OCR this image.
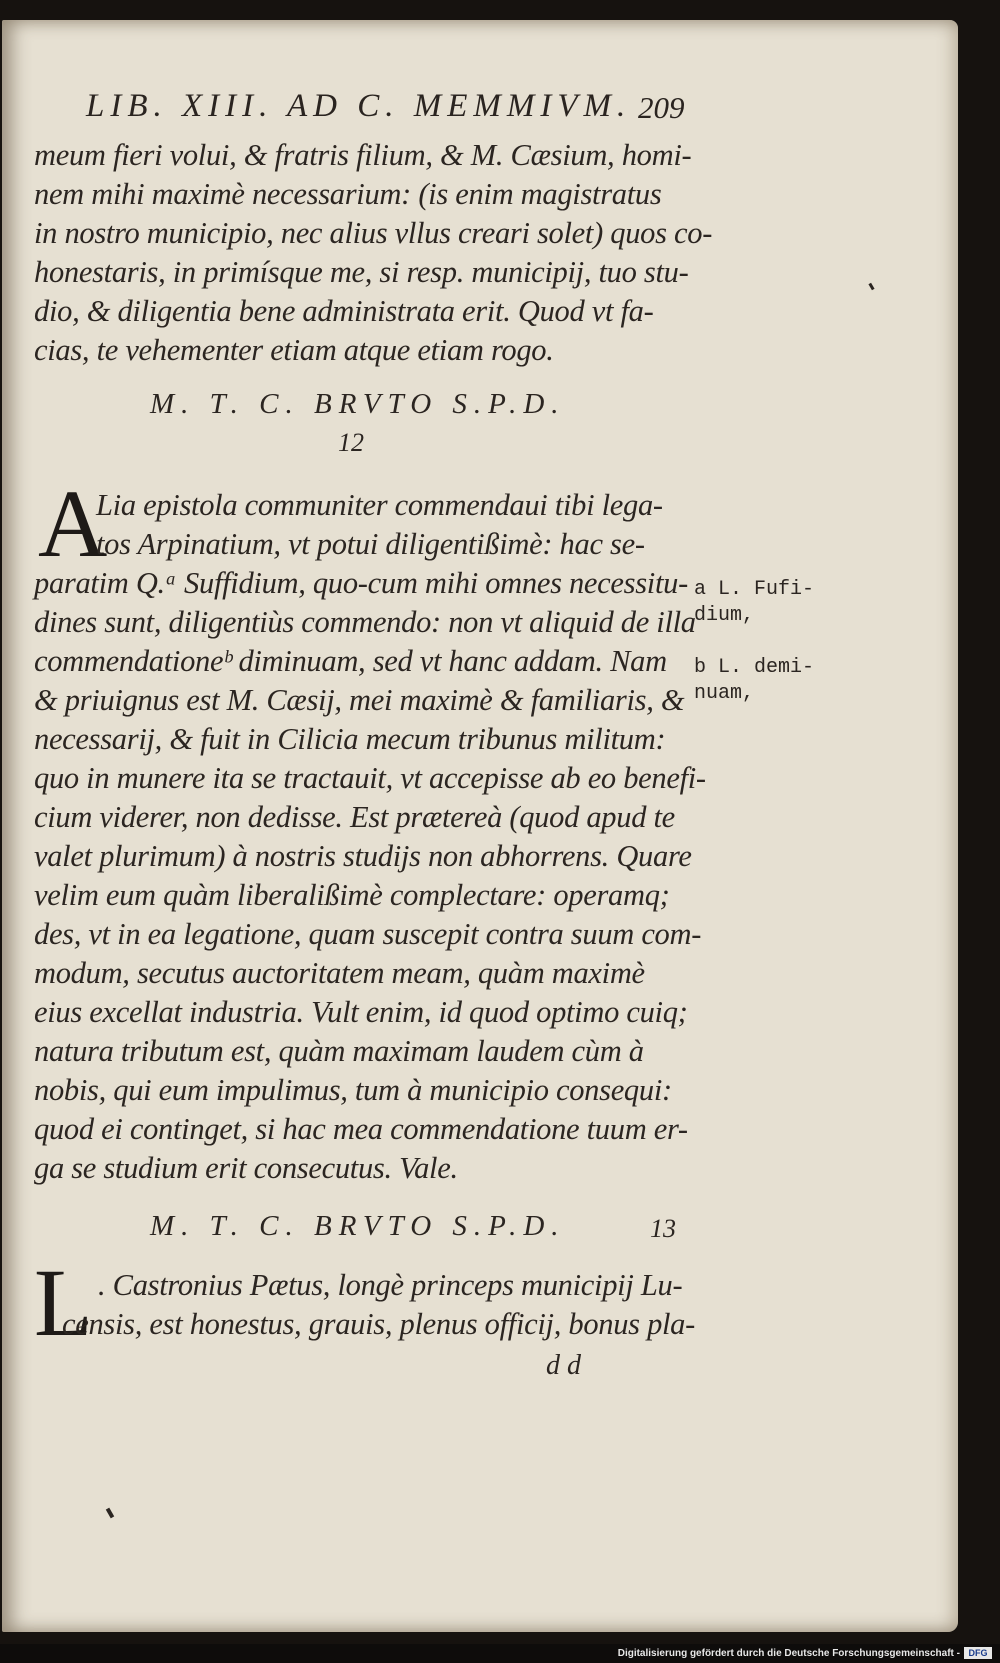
LIB. XIII. AD C. MEMMIVM. 209
meum fieri volui, & fratris filium, & M. Cæsium, homi-
nem mihi maximè necessarium: (is enim magistratus
in nostro municipio, nec alius vllus creari solet) quos co-
honestaris, in primísque me, si resp. municipij, tuo stu-
dio, & diligentia bene administrata erit. Quod vt fa-
cias, te vehementer etiam atque etiam rogo.
M. T. C. BRVTO S.P.D.
12
A
Lia epistola communiter commendaui tibi lega-
tos Arpinatium, vt potui diligentißimè: hac se-
paratim Q.ᵃ Suffidium, quo-cum mihi omnes necessitu-
dines sunt, diligentiùs commendo: non vt aliquid de illa
commendationeᵇ diminuam, sed vt hanc addam. Nam
& priuignus est M. Cæsij, mei maximè & familiaris, &
necessarij, & fuit in Cilicia mecum tribunus militum:
quo in munere ita se tractauit, vt accepisse ab eo benefi-
cium viderer, non dedisse. Est prætereà (quod apud te
valet plurimum) à nostris studijs non abhorrens. Quare
velim eum quàm liberalißimè complectare: operamq;
des, vt in ea legatione, quam suscepit contra suum com-
modum, secutus auctoritatem meam, quàm maximè
eius excellat industria. Vult enim, id quod optimo cuiq;
natura tributum est, quàm maximam laudem cùm à
nobis, qui eum impulimus, tum à municipio consequi:
quod ei continget, si hac mea commendatione tuum er-
ga se studium erit consecutus. Vale.
a L. Fufi-
dium,
b L. demi-
nuam,
M. T. C. BRVTO S.P.D.	13
L . Castronius Pætus, longè princeps municipij Lu-
censis, est honestus, grauis, plenus officij, bonus pla-
d d
Digitalisierung gefördert durch die Deutsche Forschungsgemeinschaft - DFG
